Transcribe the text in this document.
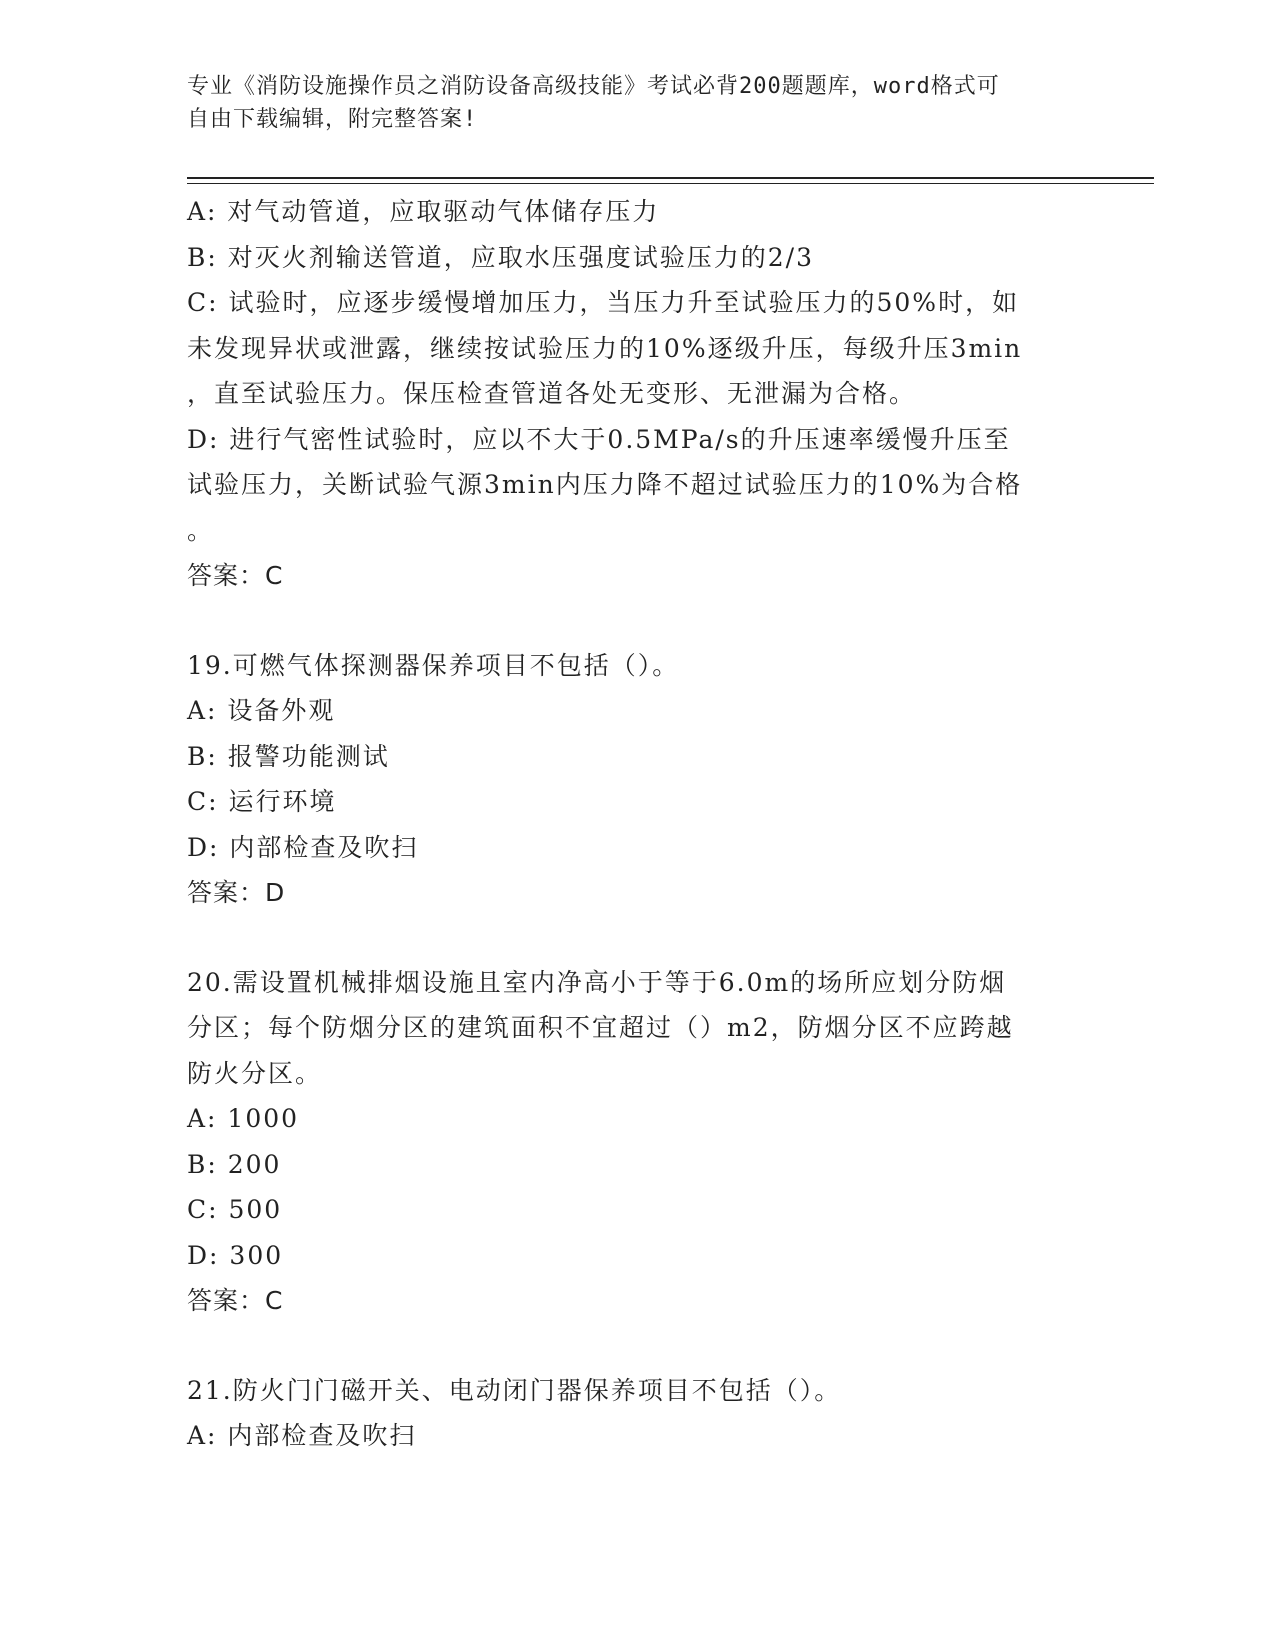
专业《消防设施操作员之消防设备高级技能》考试必背200题题库，word格式可
自由下载编辑，附完整答案!
A: 对气动管道，应取驱动气体储存压力
B: 对灭火剂输送管道，应取水压强度试验压力的2/3
C: 试验时，应逐步缓慢增加压力，当压力升至试验压力的50%时，如
未发现异状或泄露，继续按试验压力的10%逐级升压，每级升压3min
，直至试验压力。保压检查管道各处无变形、无泄漏为合格。
D: 进行气密性试验时，应以不大于0.5MPa/s的升压速率缓慢升压至
试验压力，关断试验气源3min内压力降不超过试验压力的10%为合格
。
答案：C
19.可燃气体探测器保养项目不包括（）。
A: 设备外观
B: 报警功能测试
C: 运行环境
D: 内部检查及吹扫
答案：D
20.需设置机械排烟设施且室内净高小于等于6.0m的场所应划分防烟
分区；每个防烟分区的建筑面积不宜超过（）m2，防烟分区不应跨越
防火分区。
A: 1000
B: 200
C: 500
D: 300
答案：C
21.防火门门磁开关、电动闭门器保养项目不包括（）。
A: 内部检查及吹扫
